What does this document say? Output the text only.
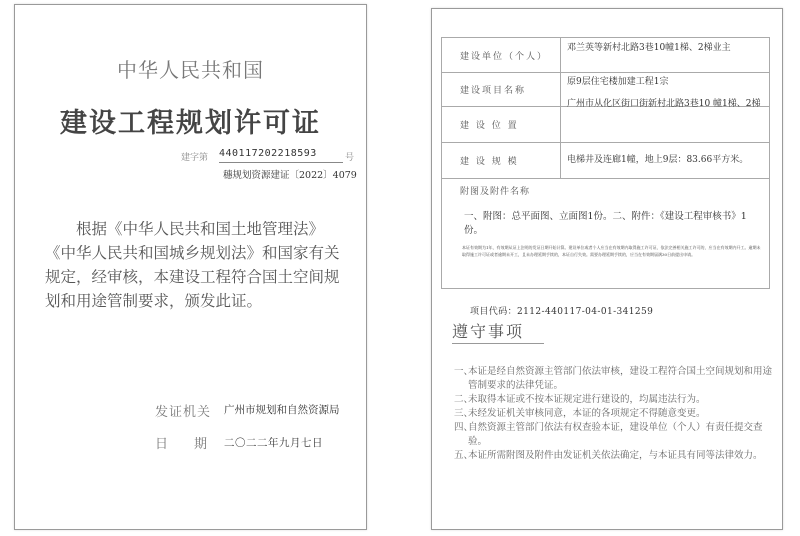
中华人民共和国
建设工程规划许可证
建字第 440117202218593	号
穗规划资源建证〔2022〕4079
根据《中华人民共和国土地管理法》《中华人民共和国城乡规划法》和国家有关规定，经审核，本建设工程符合国土空间规划和用途管制要求，颁发此证。
发证机关 广州市规划和自然资源局
日　　期 二〇二二年九月七日
建设单位（个人）
邓兰英等新村北路3巷10幢1梯、2梯业主
建设项目名称
原9层住宅楼加建工程1宗
建 设 位 置
广州市从化区街口街新村北路3巷10 幢1梯、2梯
建 设 规 模	电梯井及连廊1幢，地上9层：83.66平方米。
附图及附件名称
一、附图：总平面图、立面图1份。二、附件：《建设工程审核书》1份。
本证有效期为1年，有效期从证上注明的发证日期开始计算。建设单位或者个人应当在有效期内取得施工许可证，依法完善相关施工许可的，应当在有效期内开工。逾期未取得施工许可证或者逾期未开工，且未办理延期手续的，本证自行失效。需要办理延期手续的，应当在有效期届满30日前提出申请。
项目代码：2112-440117-04-01-341259
遵守事项

一、
本证是经自然资源主管部门依法审核，建设工程符合国土空间规划和用途管制要求的法律凭证。

二、
未取得本证或不按本证规定进行建设的，均属违法行为。

三、
未经发证机关审核同意，本证的各项规定不得随意变更。

四、
自然资源主管部门依法有权查验本证，建设单位（个人）有责任提交查验。

五、
本证所需附图及附件由发证机关依法确定，与本证具有同等法律效力。
